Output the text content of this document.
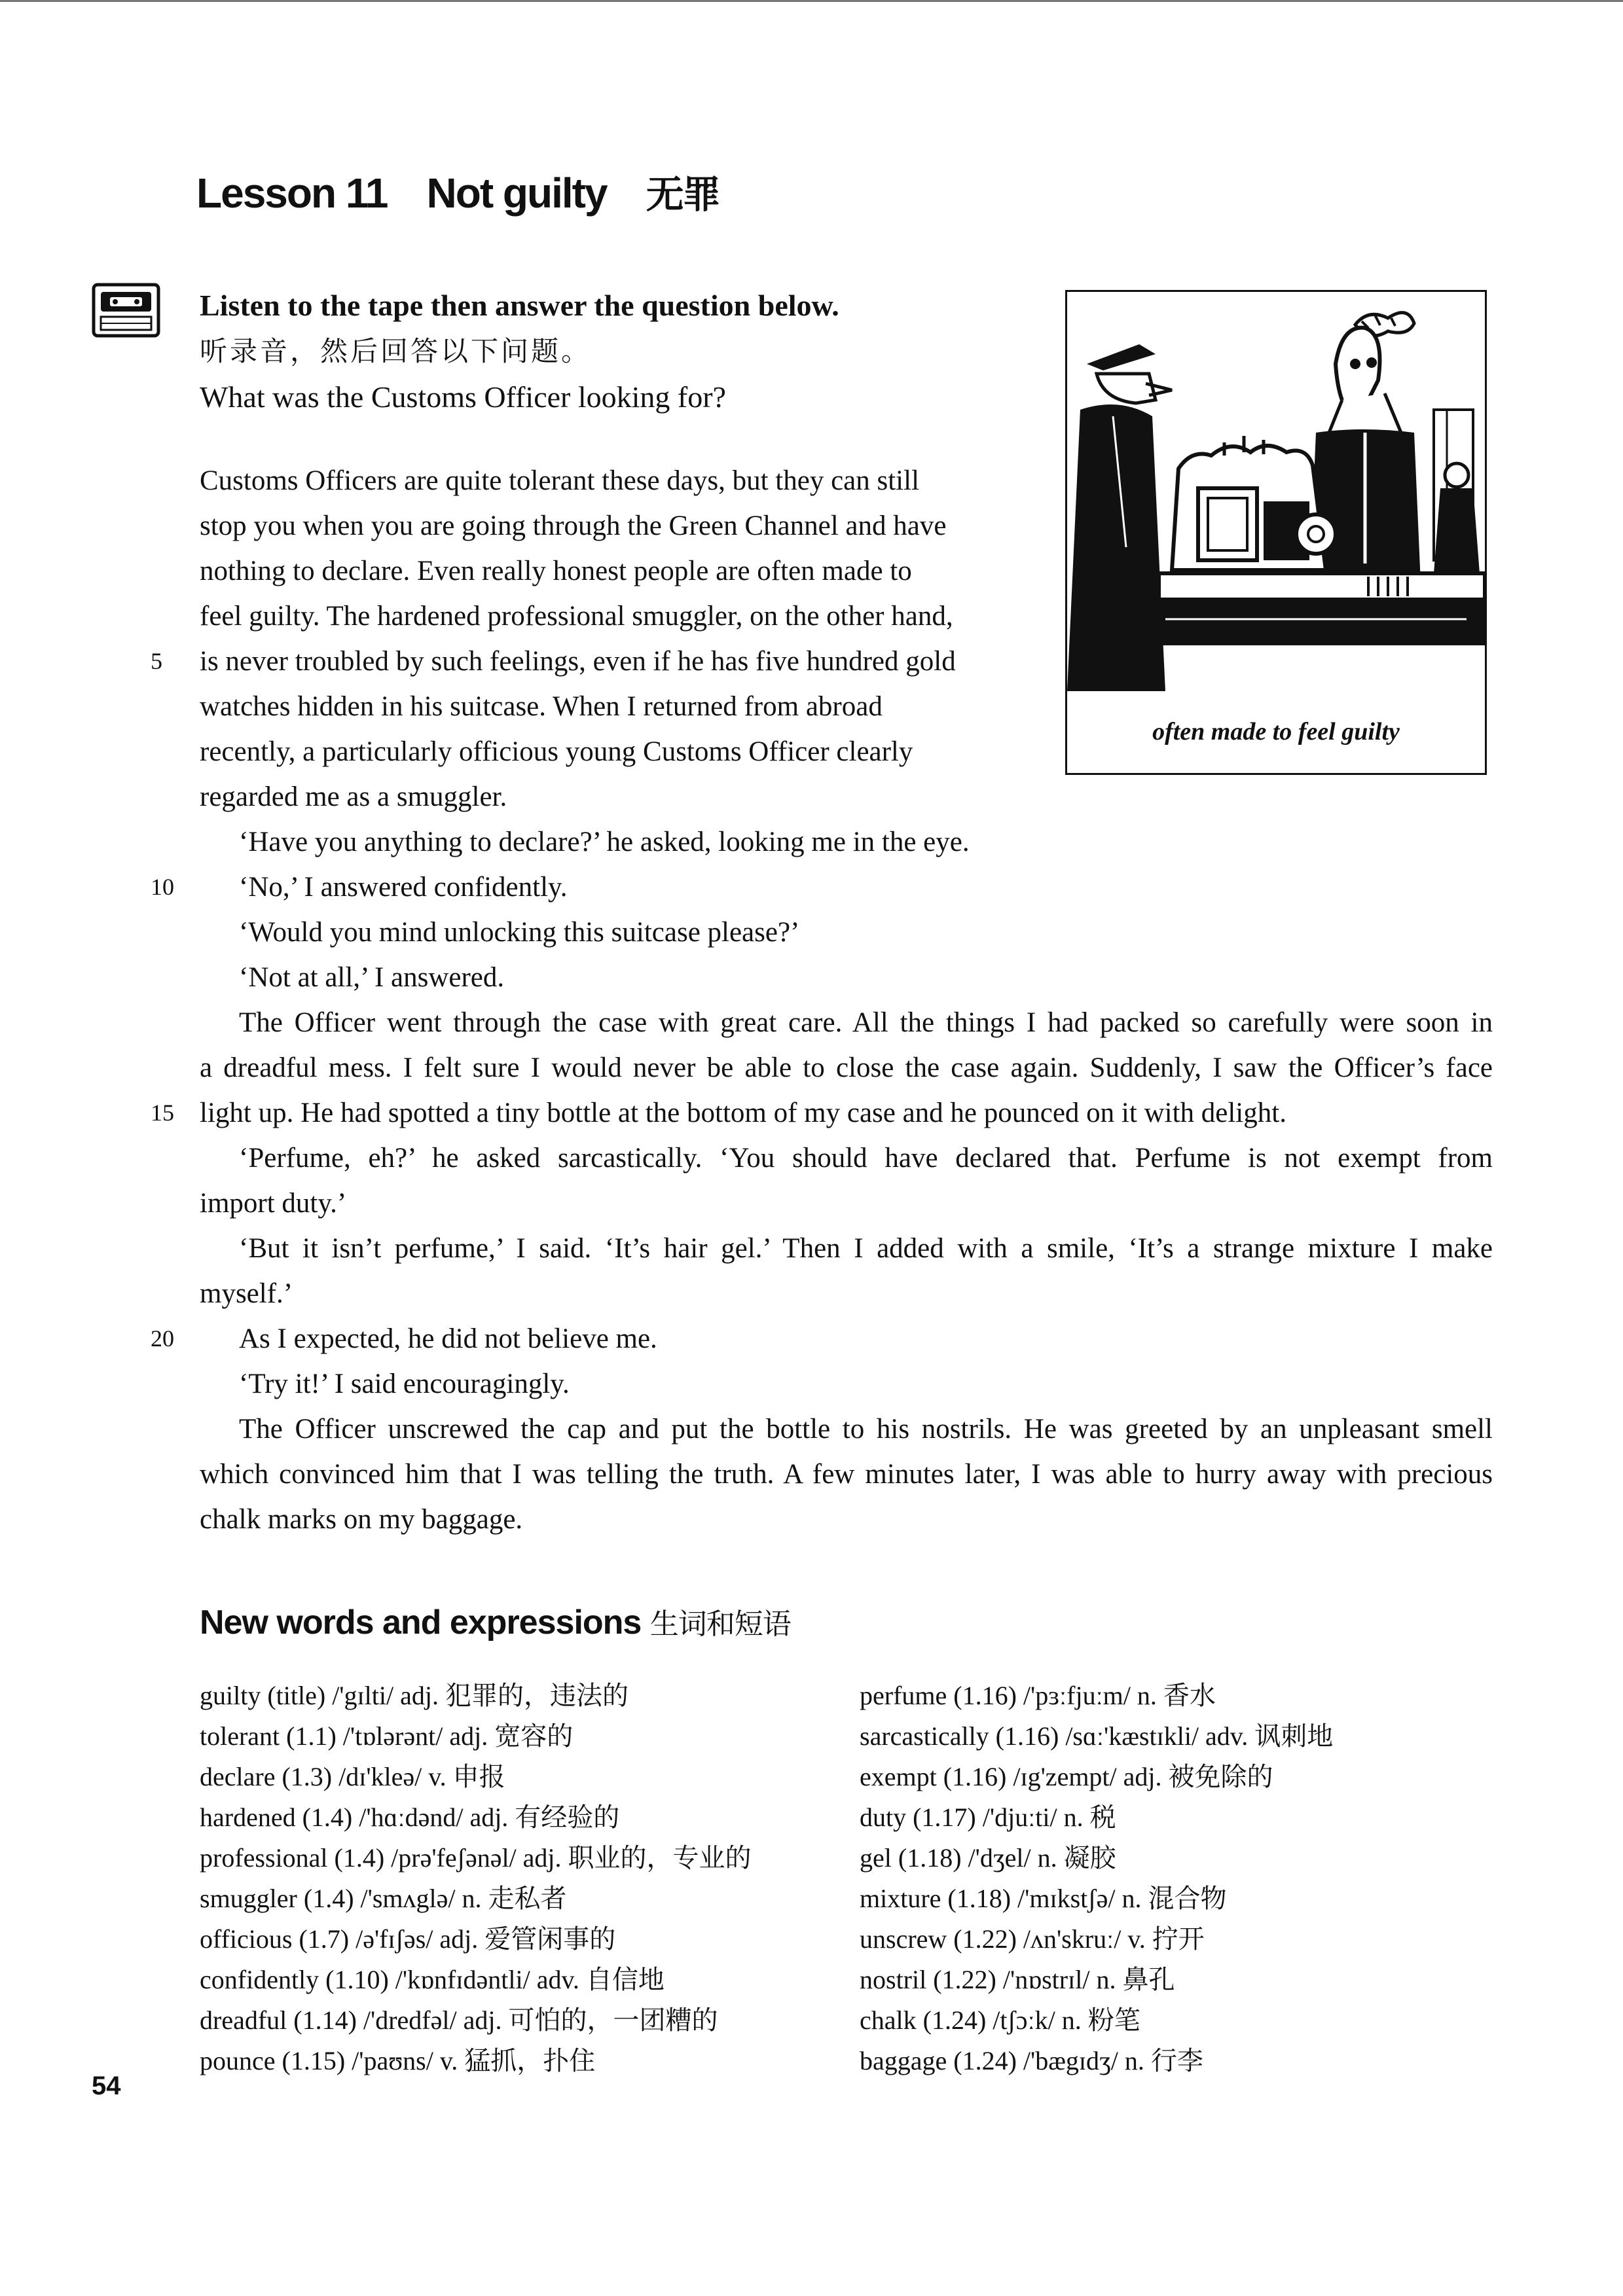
Lesson 11 Not guilty 无罪
Listen to the tape then answer the question below.
听录音，然后回答以下问题。
What was the Customs Officer looking for?
often made to feel guilty
Customs Officers are quite tolerant these days, but they can still
stop you when you are going through the Green Channel and have
nothing to declare. Even really honest people are often made to
feel guilty. The hardened professional smuggler, on the other hand,
5 is never troubled by such feelings, even if he has five hundred gold
watches hidden in his suitcase. When I returned from abroad
recently, a particularly officious young Customs Officer clearly
regarded me as a smuggler.
‘Have you anything to declare?’ he asked, looking me in the eye.
10 ‘No,’ I answered confidently.
‘Would you mind unlocking this suitcase please?’
‘Not at all,’ I answered.
The Officer went through the case with great care. All the things I had packed so carefully were soon in
a dreadful mess. I felt sure I would never be able to close the case again. Suddenly, I saw the Officer’s face
15 light up. He had spotted a tiny bottle at the bottom of my case and he pounced on it with delight.
‘Perfume, eh?’ he asked sarcastically. ‘You should have declared that. Perfume is not exempt from
import duty.’
‘But it isn’t perfume,’ I said. ‘It’s hair gel.’ Then I added with a smile, ‘It’s a strange mixture I make
myself.’
20 As I expected, he did not believe me.
‘Try it!’ I said encouragingly.
The Officer unscrewed the cap and put the bottle to his nostrils. He was greeted by an unpleasant smell
which convinced him that I was telling the truth. A few minutes later, I was able to hurry away with precious
chalk marks on my baggage.
New words and expressions 生词和短语
guilty (title) /'gɪlti/ adj. 犯罪的，违法的
tolerant (1.1) /'tɒlərənt/ adj. 宽容的
declare (1.3) /dɪ'kleə/ v. 申报
hardened (1.4) /'hɑːdənd/ adj. 有经验的
professional (1.4) /prə'feʃənəl/ adj. 职业的，专业的
smuggler (1.4) /'smʌglə/ n. 走私者
officious (1.7) /ə'fɪʃəs/ adj. 爱管闲事的
confidently (1.10) /'kɒnfɪdəntli/ adv. 自信地
dreadful (1.14) /'dredfəl/ adj. 可怕的，一团糟的
pounce (1.15) /'paʊns/ v. 猛抓，扑住
perfume (1.16) /'pɜːfjuːm/ n. 香水
sarcastically (1.16) /sɑː'kæstɪkli/ adv. 讽刺地
exempt (1.16) /ɪg'zempt/ adj. 被免除的
duty (1.17) /'djuːti/ n. 税
gel (1.18) /'dʒel/ n. 凝胶
mixture (1.18) /'mɪkstʃə/ n. 混合物
unscrew (1.22) /ʌn'skruː/ v. 拧开
nostril (1.22) /'nɒstrɪl/ n. 鼻孔
chalk (1.24) /tʃɔːk/ n. 粉笔
baggage (1.24) /'bægɪdʒ/ n. 行李
54
